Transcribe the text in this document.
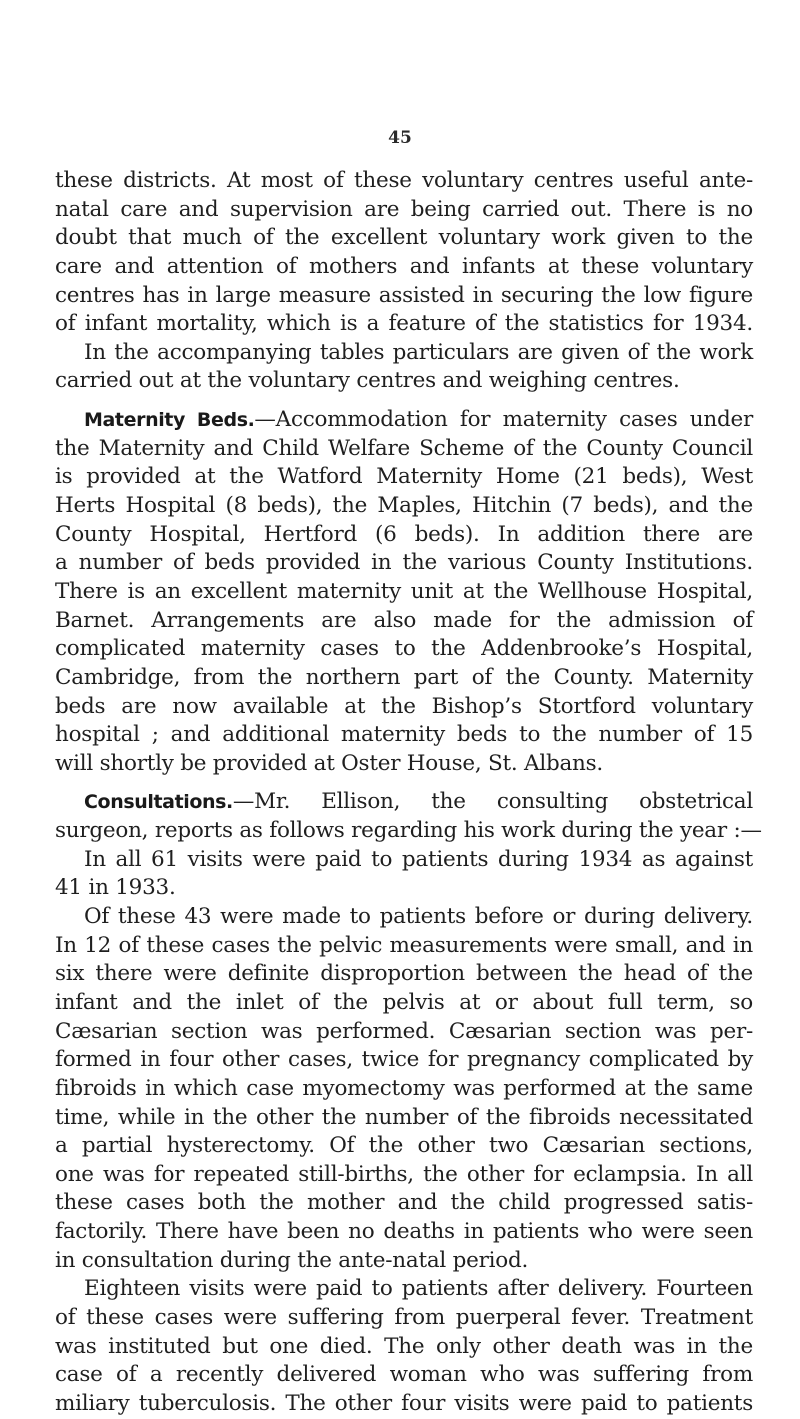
45
these districts. At most of these voluntary centres useful ante-
natal care and supervision are being carried out. There is no
doubt that much of the excellent voluntary work given to the
care and attention of mothers and infants at these voluntary
centres has in large measure assisted in securing the low figure
of infant mortality, which is a feature of the statistics for 1934.
In the accompanying tables particulars are given of the work
carried out at the voluntary centres and weighing centres.
Maternity Beds.—Accommodation for maternity cases under
the Maternity and Child Welfare Scheme of the County Council
is provided at the Watford Maternity Home (21 beds), West
Herts Hospital (8 beds), the Maples, Hitchin (7 beds), and the
County Hospital, Hertford (6 beds). In addition there are
a number of beds provided in the various County Institutions.
There is an excellent maternity unit at the Wellhouse Hospital,
Barnet. Arrangements are also made for the admission of
complicated maternity cases to the Addenbrooke’s Hospital,
Cambridge, from the northern part of the County. Maternity
beds are now available at the Bishop’s Stortford voluntary
hospital ; and additional maternity beds to the number of 15
will shortly be provided at Oster House, St. Albans.
Consultations.—Mr. Ellison, the consulting obstetrical
surgeon, reports as follows regarding his work during the year :—
In all 61 visits were paid to patients during 1934 as against
41 in 1933.
Of these 43 were made to patients before or during delivery.
In 12 of these cases the pelvic measurements were small, and in
six there were definite disproportion between the head of the
infant and the inlet of the pelvis at or about full term, so
Cæsarian section was performed. Cæsarian section was per-
formed in four other cases, twice for pregnancy complicated by
fibroids in which case myomectomy was performed at the same
time, while in the other the number of the fibroids necessitated
a partial hysterectomy. Of the other two Cæsarian sections,
one was for repeated still-births, the other for eclampsia. In all
these cases both the mother and the child progressed satis-
factorily. There have been no deaths in patients who were seen
in consultation during the ante-natal period.
Eighteen visits were paid to patients after delivery. Fourteen
of these cases were suffering from puerperal fever. Treatment
was instituted but one died. The only other death was in the
case of a recently delivered woman who was suffering from
miliary tuberculosis. The other four visits were paid to patients
